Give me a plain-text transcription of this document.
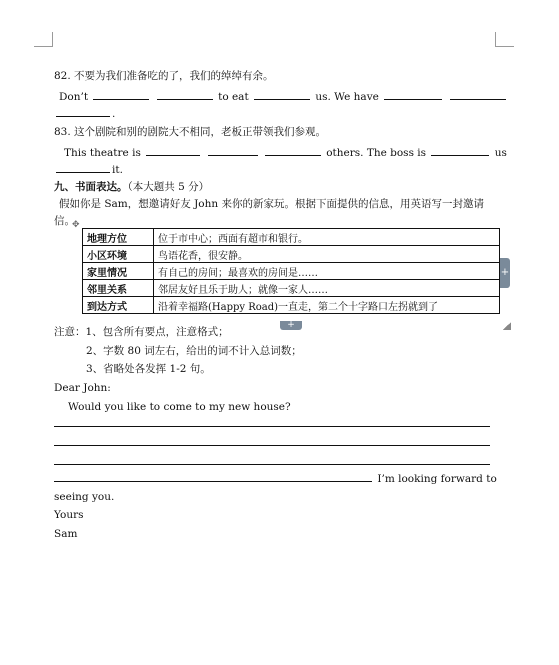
82. 不要为我们准备吃的了，我们的绰绰有余。
Don’t	to eat	us. We have
.
83. 这个剧院和别的剧院大不相同，老板正带领我们参观。
This theatre is	others. The boss is	us
it.
九、书面表达。（本大题共 5 分）
假如你是 Sam，想邀请好友 John 来你的新家玩。根据下面提供的信息，用英语写一封邀请
信。
✥
地理方位	位于市中心；西面有超市和银行。
小区环境	鸟语花香，很安静。
家里情况	有自己的房间；最喜欢的房间是……
邻里关系	邻居友好且乐于助人；就像一家人……
到达方式	沿着幸福路(Happy Road)一直走，第二个十字路口左拐就到了
+
+
注意：1、包含所有要点，注意格式；
2、字数 80 词左右，给出的词不计入总词数；
3、省略处各发挥 1-2 句。
Dear John:
Would you like to come to my new house?
I’m looking forward to
seeing you.
Yours
Sam
